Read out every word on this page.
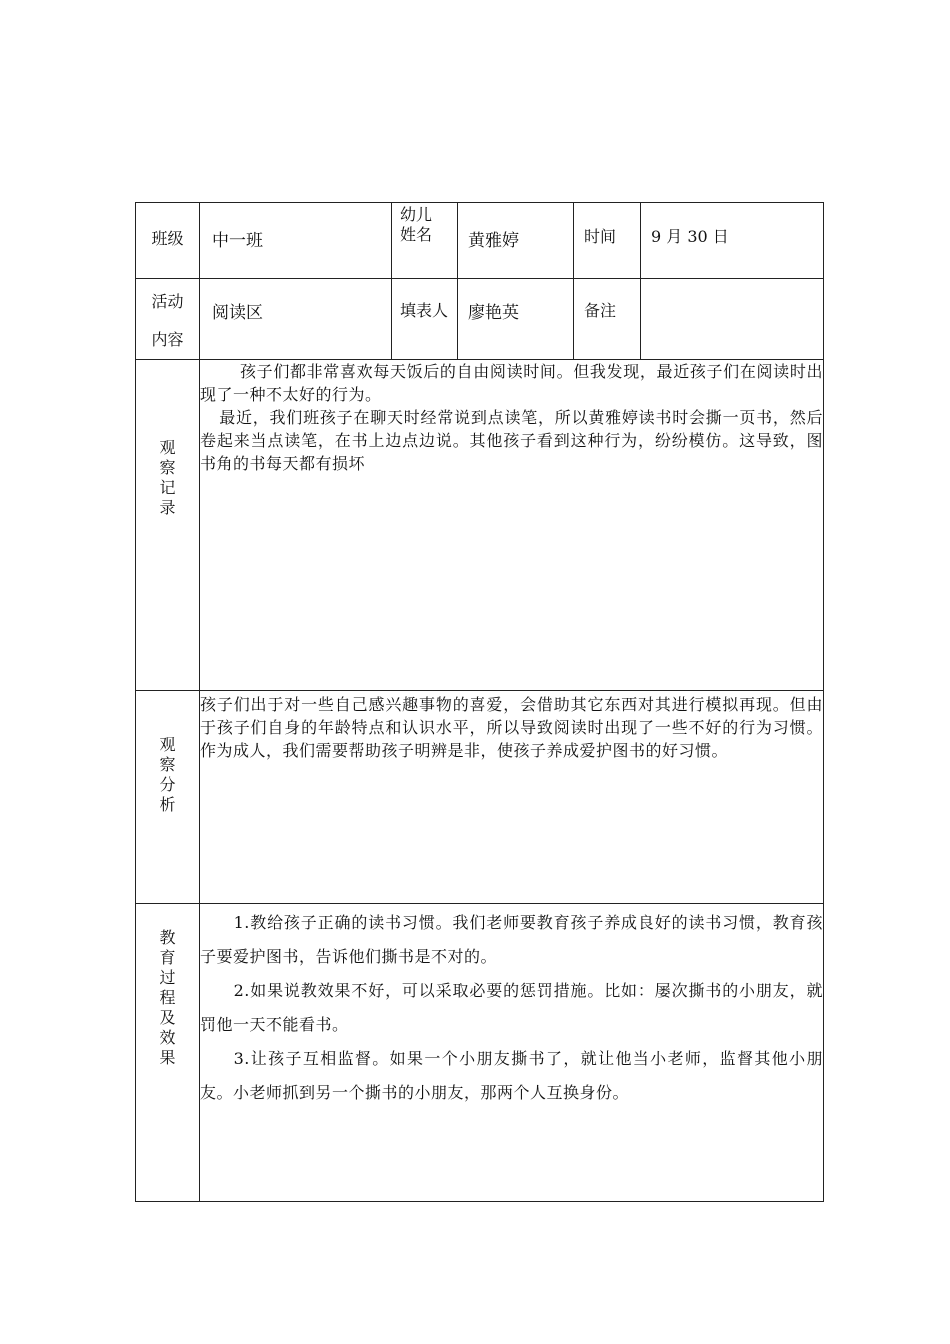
班级	中一班	幼儿姓名	黄雅婷	时间	9 月 30 日

活动内容	阅读区	填表人	廖艳英	备注	

观察记录	孩子们都非常喜欢每天饭后的自由阅读时间。但我发现，最近孩子们在阅读时出现了一种不太好的行为。

最近，我们班孩子在聊天时经常说到点读笔，所以黄雅婷读书时会撕一页书，然后卷起来当点读笔，在书上边点边说。其他孩子看到这种行为，纷纷模仿。这导致，图书角的书每天都有损坏				

观察分析	孩子们出于对一些自己感兴趣事物的喜爱，会借助其它东西对其进行模拟再现。但由于孩子们自身的年龄特点和认识水平，所以导致阅读时出现了一些不好的行为习惯。作为成人，我们需要帮助孩子明辨是非，使孩子养成爱护图书的好习惯。				

教育过程及效果	1.教给孩子正确的读书习惯。我们老师要教育孩子养成良好的读书习惯，教育孩子要爱护图书，告诉他们撕书是不对的。

2.如果说教效果不好，可以采取必要的惩罚措施。比如：屡次撕书的小朋友，就罚他一天不能看书。

3.让孩子互相监督。如果一个小朋友撕书了，就让他当小老师，监督其他小朋友。小老师抓到另一个撕书的小朋友，那两个人互换身份。				
